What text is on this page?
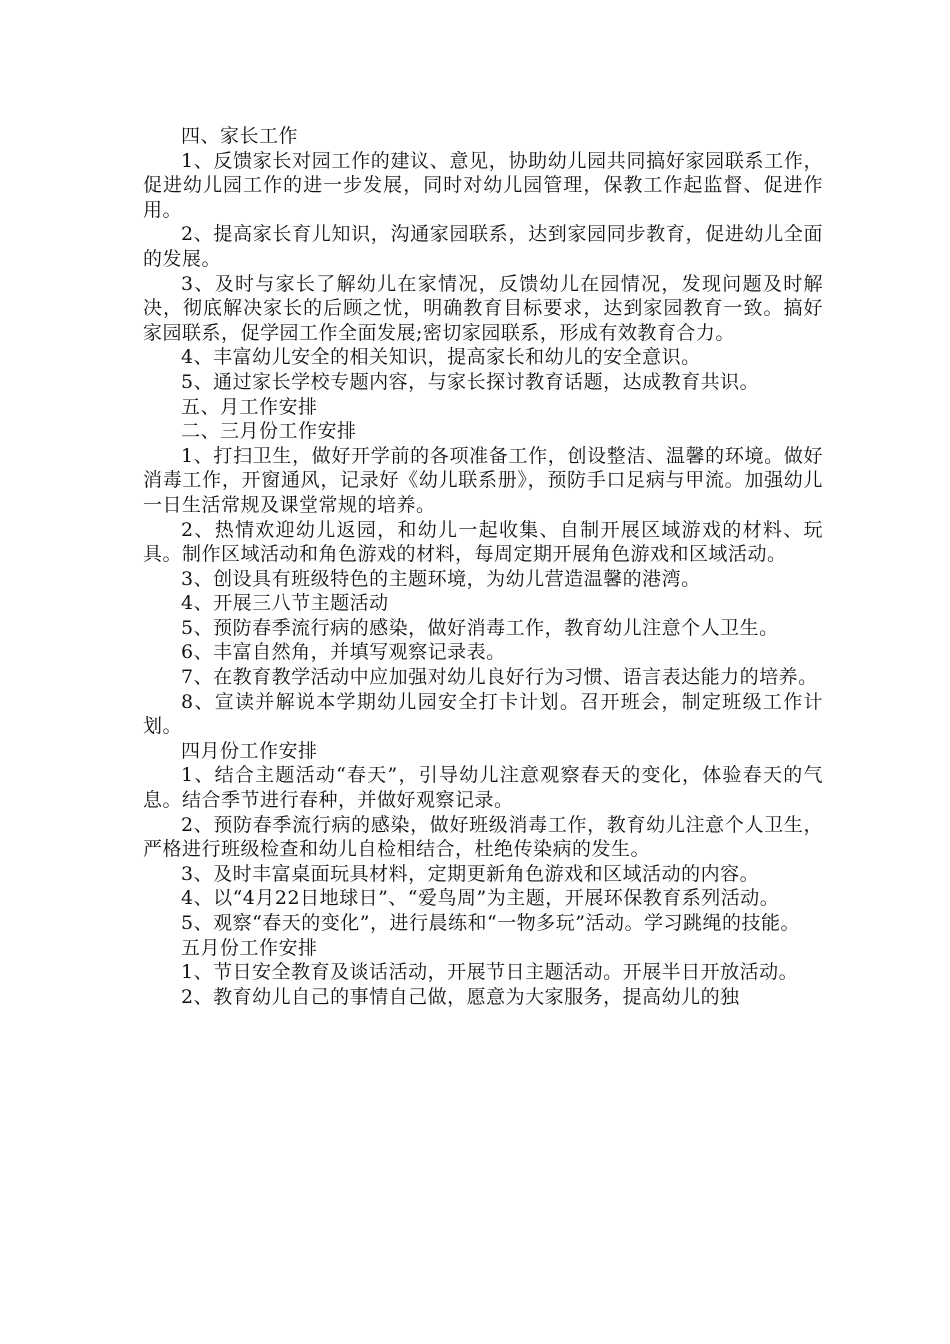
四、家长工作

1、反馈家长对园工作的建议、意见，协助幼儿园共同搞好家园联系工作，促进幼儿园工作的进一步发展，同时对幼儿园管理，保教工作起监督、促进作用。

2、提高家长育儿知识，沟通家园联系，达到家园同步教育，促进幼儿全面的发展。

3、及时与家长了解幼儿在家情况，反馈幼儿在园情况，发现问题及时解决，彻底解决家长的后顾之忧，明确教育目标要求，达到家园教育一致。搞好家园联系，促学园工作全面发展;密切家园联系，形成有效教育合力。

4、丰富幼儿安全的相关知识，提高家长和幼儿的安全意识。

5、通过家长学校专题内容，与家长探讨教育话题，达成教育共识。

五、月工作安排

二、三月份工作安排

1、打扫卫生，做好开学前的各项准备工作，创设整洁、温馨的环境。做好消毒工作，开窗通风，记录好《幼儿联系册》，预防手口足病与甲流。加强幼儿一日生活常规及课堂常规的培养。

2、热情欢迎幼儿返园，和幼儿一起收集、自制开展区域游戏的材料、玩具。制作区域活动和角色游戏的材料，每周定期开展角色游戏和区域活动。

3、创设具有班级特色的主题环境，为幼儿营造温馨的港湾。

4、开展三八节主题活动

5、预防春季流行病的感染，做好消毒工作，教育幼儿注意个人卫生。

6、丰富自然角，并填写观察记录表。

7、在教育教学活动中应加强对幼儿良好行为习惯、语言表达能力的培养。

8、宣读并解说本学期幼儿园安全打卡计划。召开班会，制定班级工作计划。

四月份工作安排

1、结合主题活动“春天”，引导幼儿注意观察春天的变化，体验春天的气息。结合季节进行春种，并做好观察记录。

2、预防春季流行病的感染，做好班级消毒工作，教育幼儿注意个人卫生，严格进行班级检查和幼儿自检相结合，杜绝传染病的发生。

3、及时丰富桌面玩具材料，定期更新角色游戏和区域活动的内容。

4、以“4月22日地球日”、“爱鸟周”为主题，开展环保教育系列活动。

5、观察“春天的变化”，进行晨练和“一物多玩”活动。学习跳绳的技能。

五月份工作安排

1、节日安全教育及谈话活动，开展节日主题活动。开展半日开放活动。

2、教育幼儿自己的事情自己做，愿意为大家服务，提高幼儿的独
